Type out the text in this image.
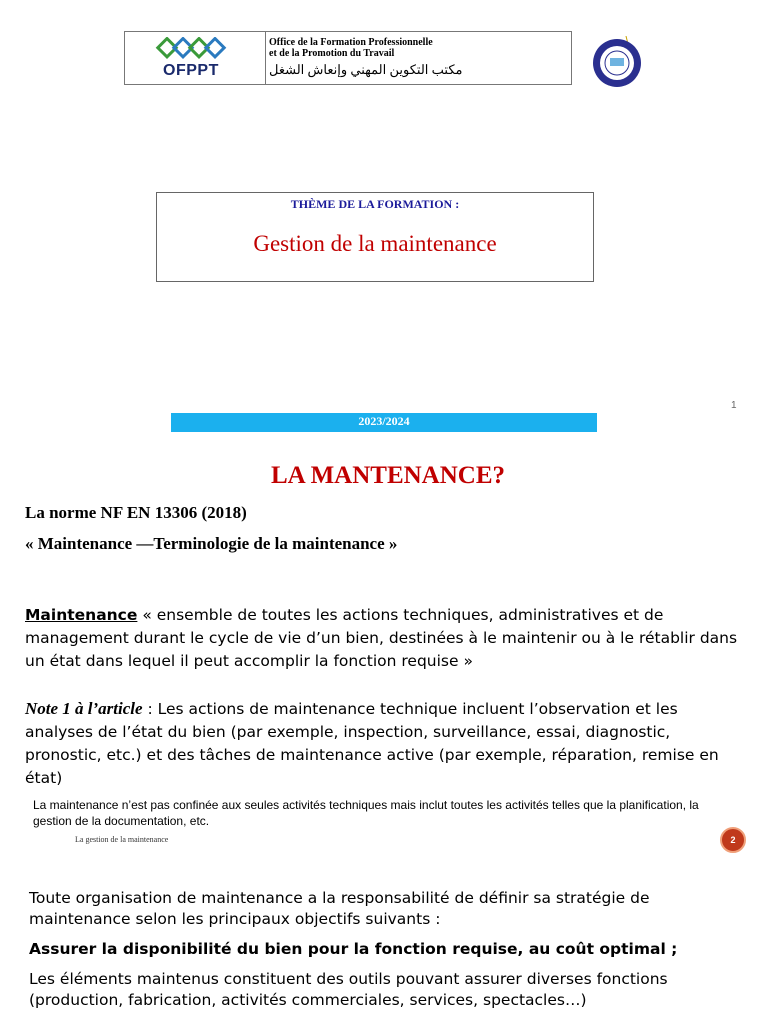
OFPPT
Office de la Formation Professionnelle
et de la Promotion du Travail
مكتب التكوين المهني وإنعاش الشغل
THÈME DE LA FORMATION :
Gestion de la maintenance
1
2023/2024
LA MANTENANCE?
La norme NF EN 13306 (2018)
« Maintenance —Terminologie de la maintenance »
Maintenance « ensemble de toutes les actions techniques, administratives et de management durant le cycle de vie d’un bien, destinées à le maintenir ou à le rétablir dans un état dans lequel il peut accomplir la fonction requise »
Note 1 à l’article : Les actions de maintenance technique incluent l’observation et les analyses de l’état du bien (par exemple, inspection, surveillance, essai, diagnostic, pronostic, etc.) et des tâches de maintenance active (par exemple, réparation, remise en état)
La maintenance n’est pas confinée aux seules activités techniques mais inclut toutes les activités telles que la planification, la gestion de la documentation, etc.
La gestion de la maintenance	2
Toute organisation de maintenance a la responsabilité de définir sa stratégie de maintenance selon les principaux objectifs suivants :
Assurer la disponibilité du bien pour la fonction requise, au coût optimal ;
Les éléments maintenus constituent des outils pouvant assurer diverses fonctions (production, fabrication, activités commerciales, services, spectacles…)
